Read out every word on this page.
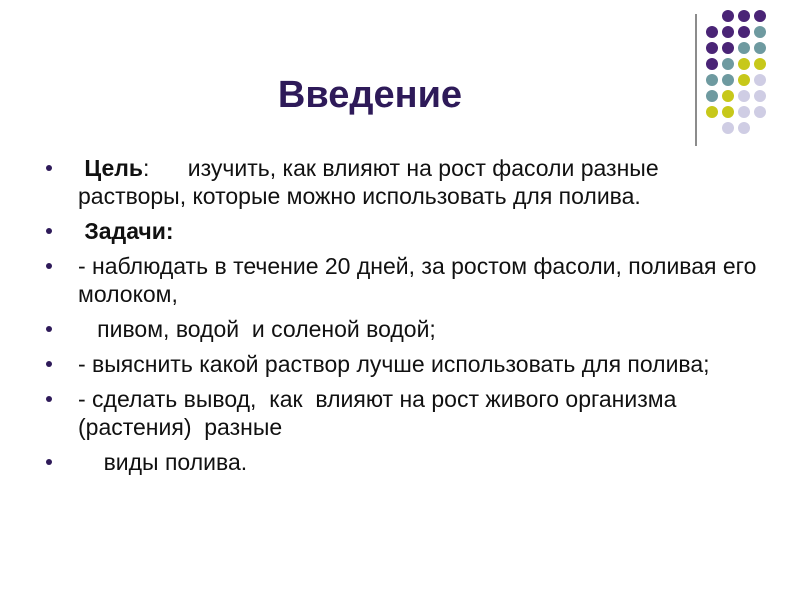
Введение
Цель:      изучить, как влияют на рост фасоли разные растворы, которые можно использовать для полива.
Задачи:
- наблюдать в течение 20 дней, за ростом фасоли, поливая его  молоком,
пивом, водой  и соленой водой;
- выяснить какой раствор лучше использовать для полива;
- сделать вывод,  как  влияют на рост живого организма  (растения)  разные
виды полива.
